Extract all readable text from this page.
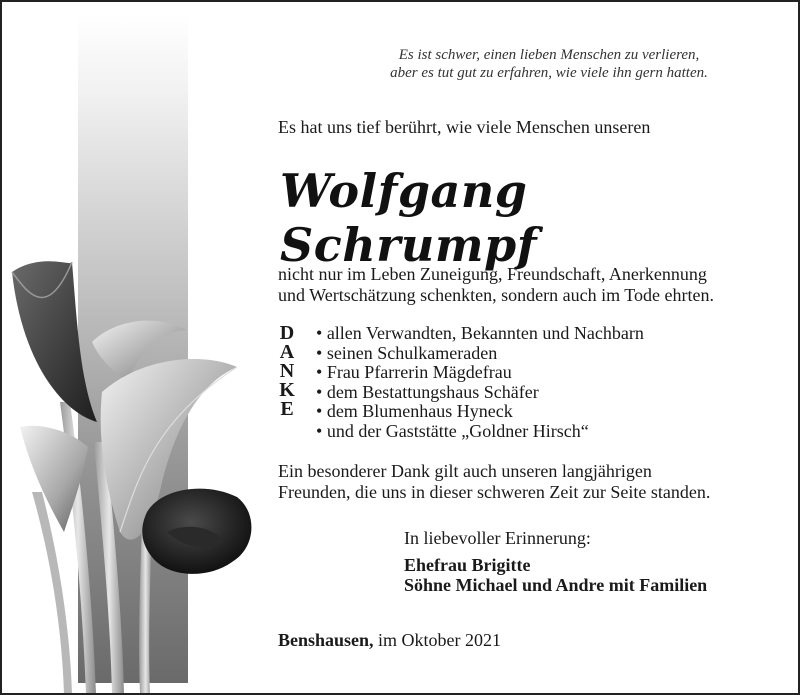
Es ist schwer, einen lieben Menschen zu verlieren,
aber es tut gut zu erfahren, wie viele ihn gern hatten.
Es hat uns tief berührt, wie viele Menschen unseren
Wolfgang Schrumpf

nicht nur im Leben Zuneigung, Freundschaft, Anerkennung
und Wertschätzung schenkten, sondern auch im Tode ehrten.

D
A
N
K
E
• allen Verwandten, Bekannten und Nachbarn
• seinen Schulkameraden
• Frau Pfarrerin Mägdefrau
• dem Bestattungshaus Schäfer
• dem Blumenhaus Hyneck
• und der Gaststätte „Goldner Hirsch“

Ein besonderer Dank gilt auch unseren langjährigen
Freunden, die uns in dieser schweren Zeit zur Seite standen.

In liebevoller Erinnerung:
Ehefrau Brigitte
Söhne Michael und Andre mit Familien
Benshausen, im Oktober 2021
